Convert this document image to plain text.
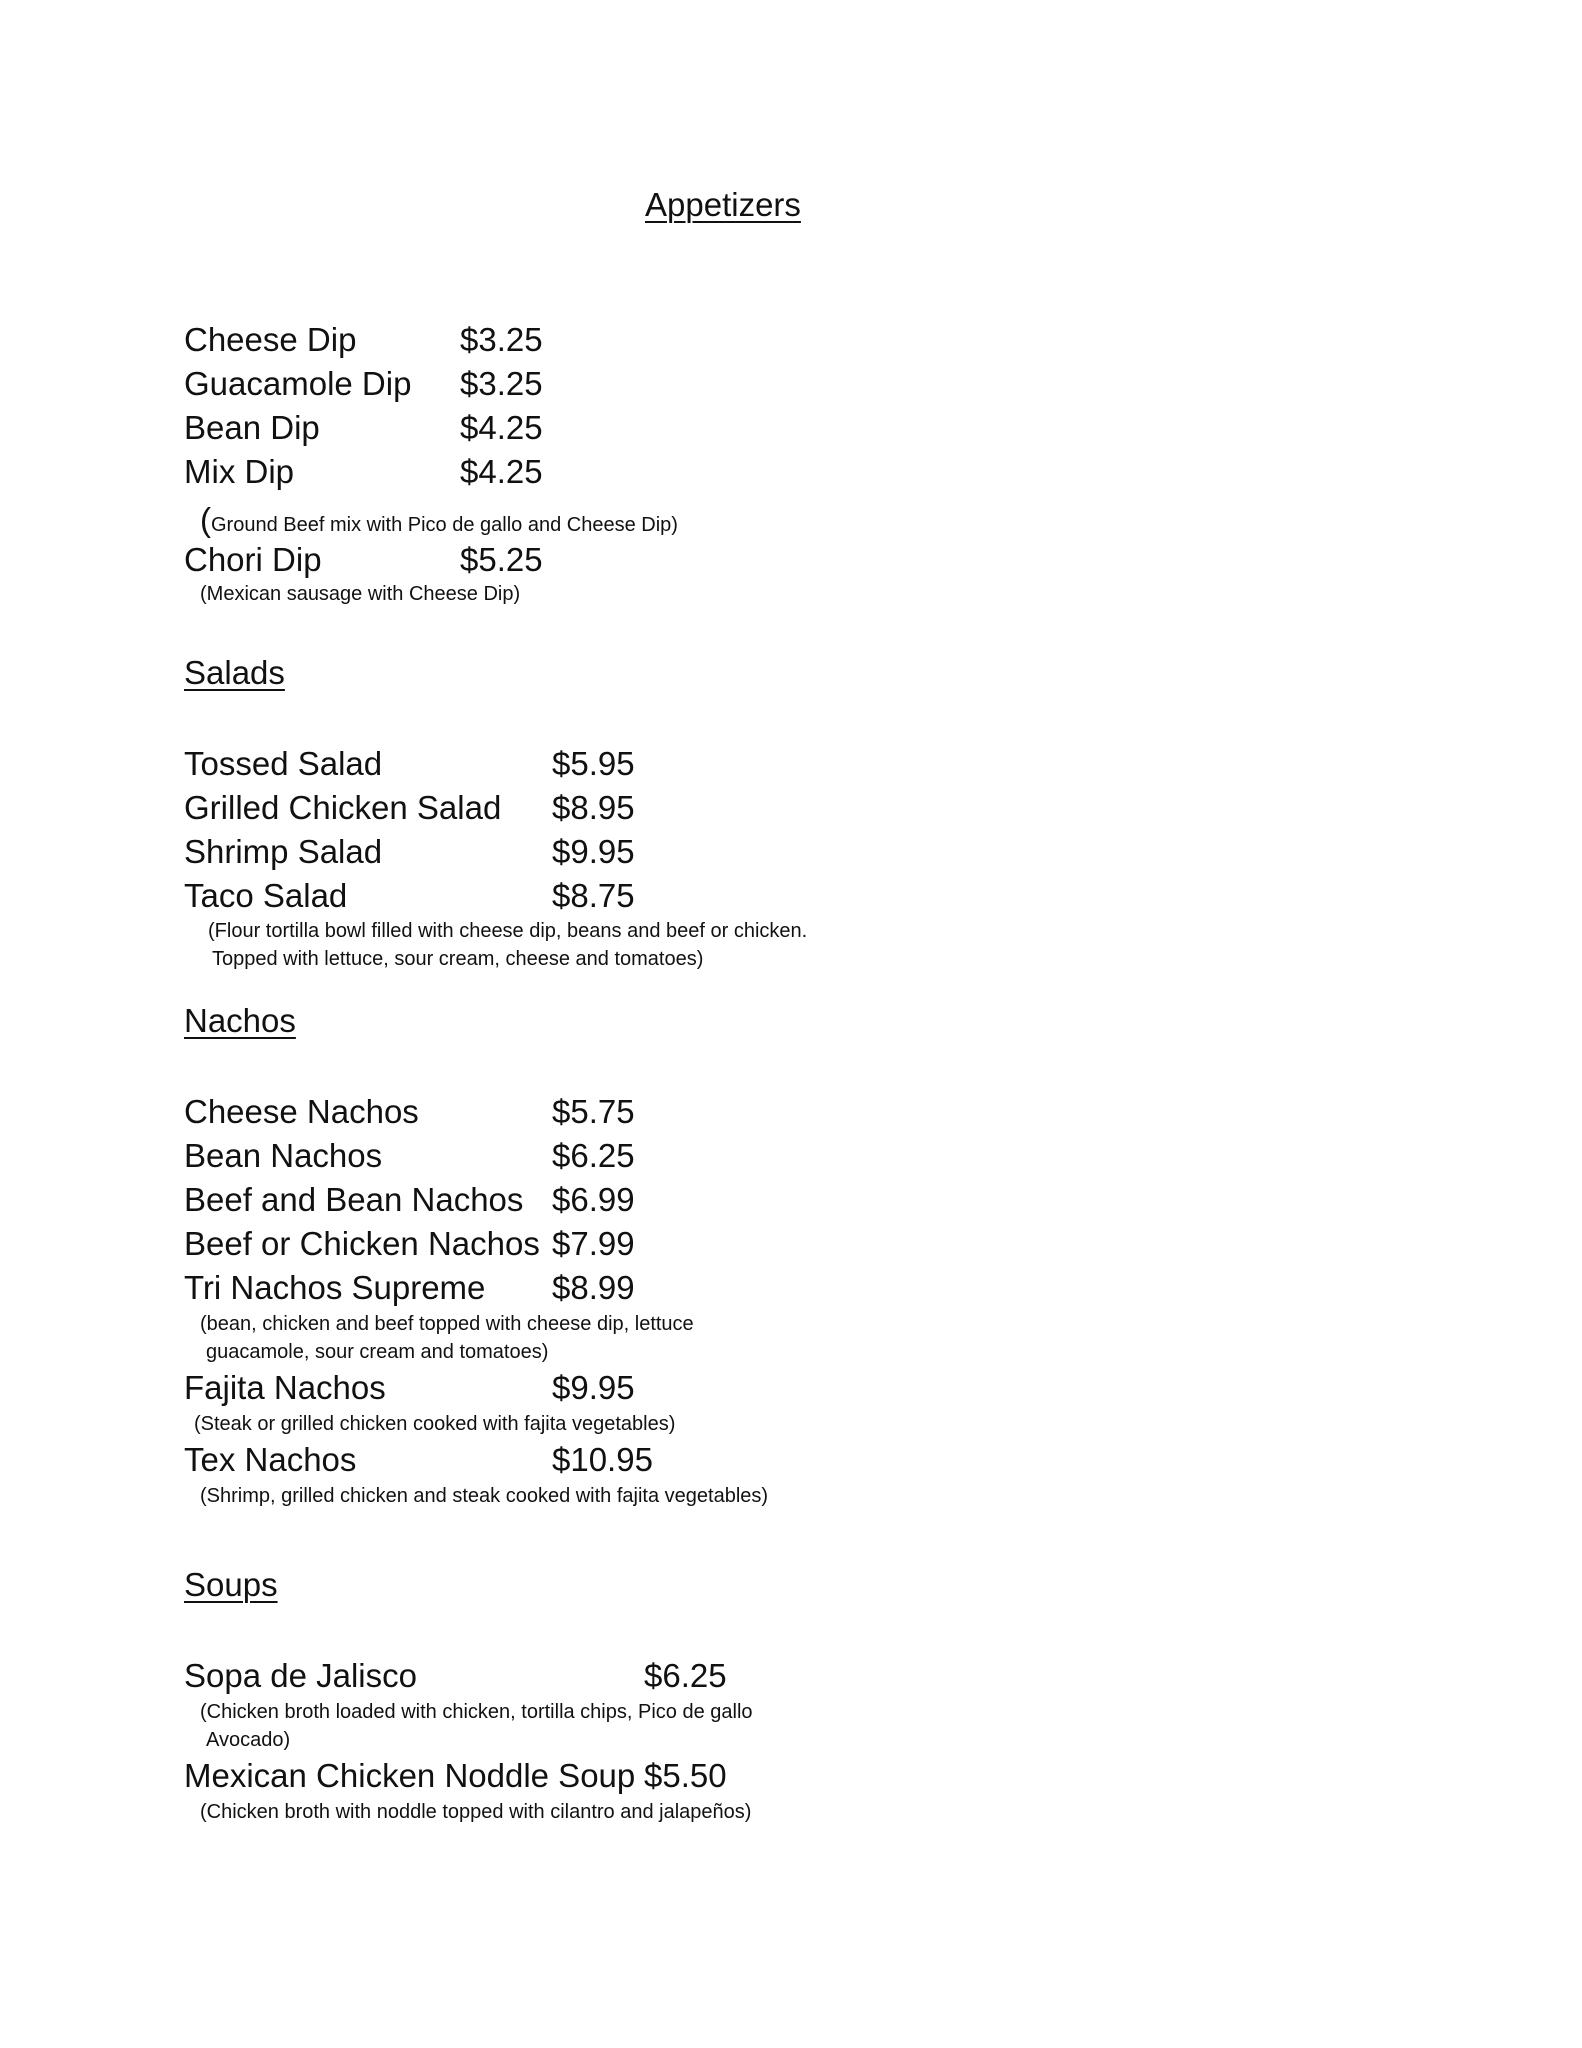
Appetizers
Cheese Dip	$3.25
Guacamole Dip $3.25
Bean Dip	$4.25
Mix Dip	$4.25
(Ground Beef mix with Pico de gallo and Cheese Dip)
Chori Dip	$5.25
(Mexican sausage with Cheese Dip)
Salads
Tossed Salad	$5.95
Grilled Chicken Salad $8.95
Shrimp Salad	$9.95
Taco Salad	$8.75
(Flour tortilla bowl filled with cheese dip, beans and beef or chicken.
Topped with lettuce, sour cream, cheese and tomatoes)
Nachos
Cheese Nachos	$5.75
Bean Nachos	$6.25
Beef and Bean Nachos $6.99
Beef or Chicken Nachos $7.99
Tri Nachos Supreme $8.99
(bean, chicken and beef topped with cheese dip, lettuce
guacamole, sour cream and tomatoes)
Fajita Nachos	$9.95
(Steak or grilled chicken cooked with fajita vegetables)
Tex Nachos	$10.95
(Shrimp, grilled chicken and steak cooked with fajita vegetables)
Soups
Sopa de Jalisco	$6.25
(Chicken broth loaded with chicken, tortilla chips, Pico de gallo
Avocado)
Mexican Chicken Noddle Soup $5.50
(Chicken broth with noddle topped with cilantro and jalapeños)
